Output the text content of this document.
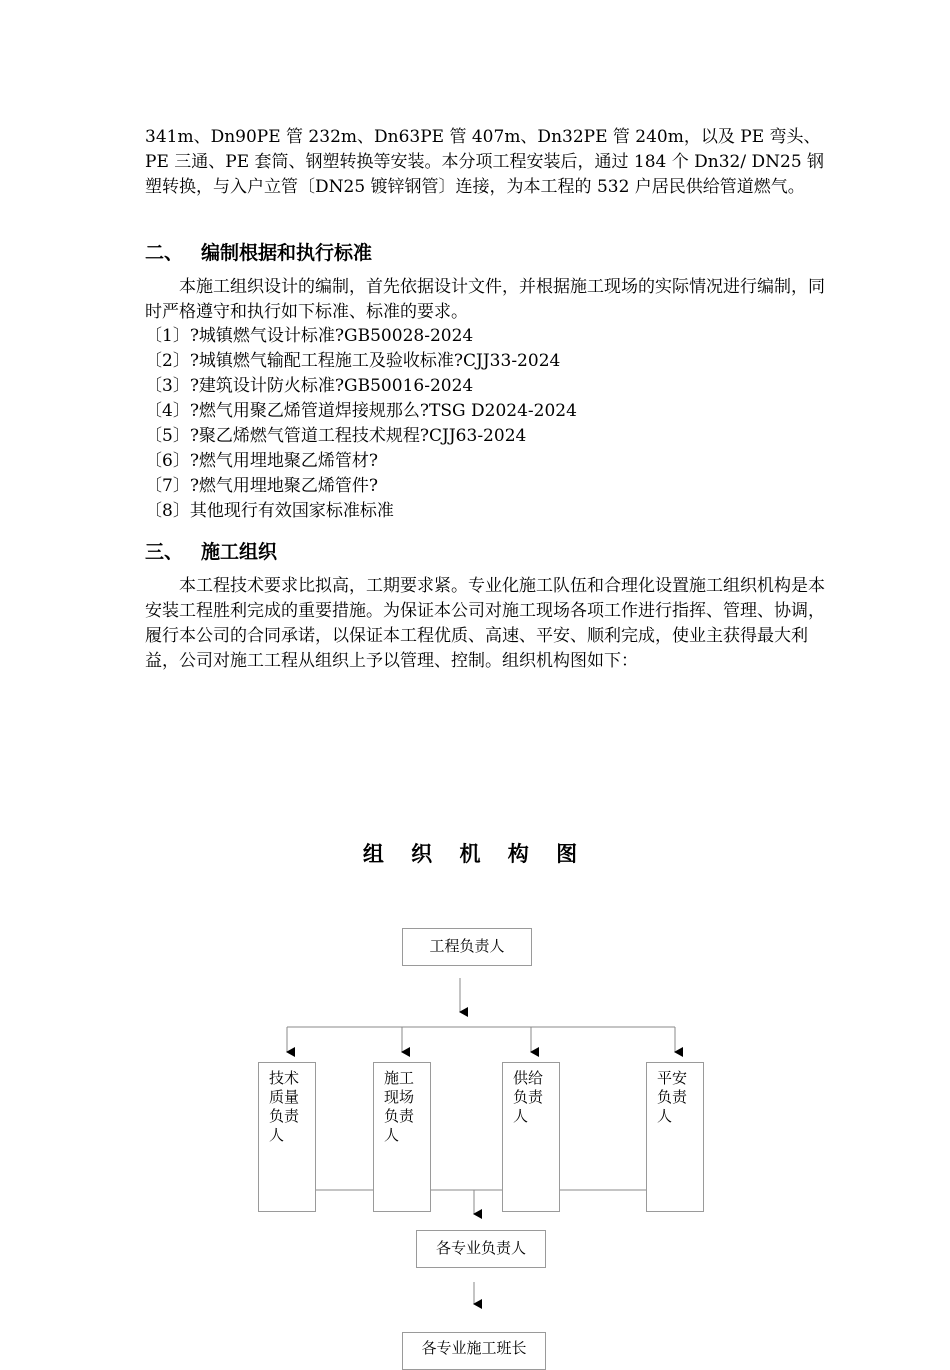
341m、Dn90PE 管 232m、Dn63PE 管 407m、Dn32PE 管 240m，以及 PE 弯头、PE 三通、PE 套筒、钢塑转换等安装。本分项工程安装后，通过 184 个 Dn32/ DN25 钢塑转换，与入户立管〔DN25 镀锌钢管〕连接，为本工程的 532 户居民供给管道燃气。

二、 编制根据和执行标准

本施工组织设计的编制，首先依据设计文件，并根据施工现场的实际情况进行编制，同时严格遵守和执行如下标准、标准的要求。

〔1〕?城镇燃气设计标准?GB50028-2024
〔2〕?城镇燃气输配工程施工及验收标准?CJJ33-2024
〔3〕?建筑设计防火标准?GB50016-2024
〔4〕?燃气用聚乙烯管道焊接规那么?TSG D2024-2024
〔5〕?聚乙烯燃气管道工程技术规程?CJJ63-2024
〔6〕?燃气用埋地聚乙烯管材?
〔7〕?燃气用埋地聚乙烯管件?
〔8〕其他现行有效国家标准标准
三、 施工组织

本工程技术要求比拟高，工期要求紧。专业化施工队伍和合理化设置施工组织机构是本安装工程胜利完成的重要措施。为保证本公司对施工现场各项工作进行指挥、管理、协调，履行本公司的合同承诺，以保证本工程优质、高速、平安、顺利完成，使业主获得最大利益，公司对施工工程从组织上予以管理、控制。组织机构图如下：

组 织 机 构 图
工程负责人
技术质量负责人
施工现场负责人
供给负责人
平安负责人
各专业负责人
各专业施工班长
